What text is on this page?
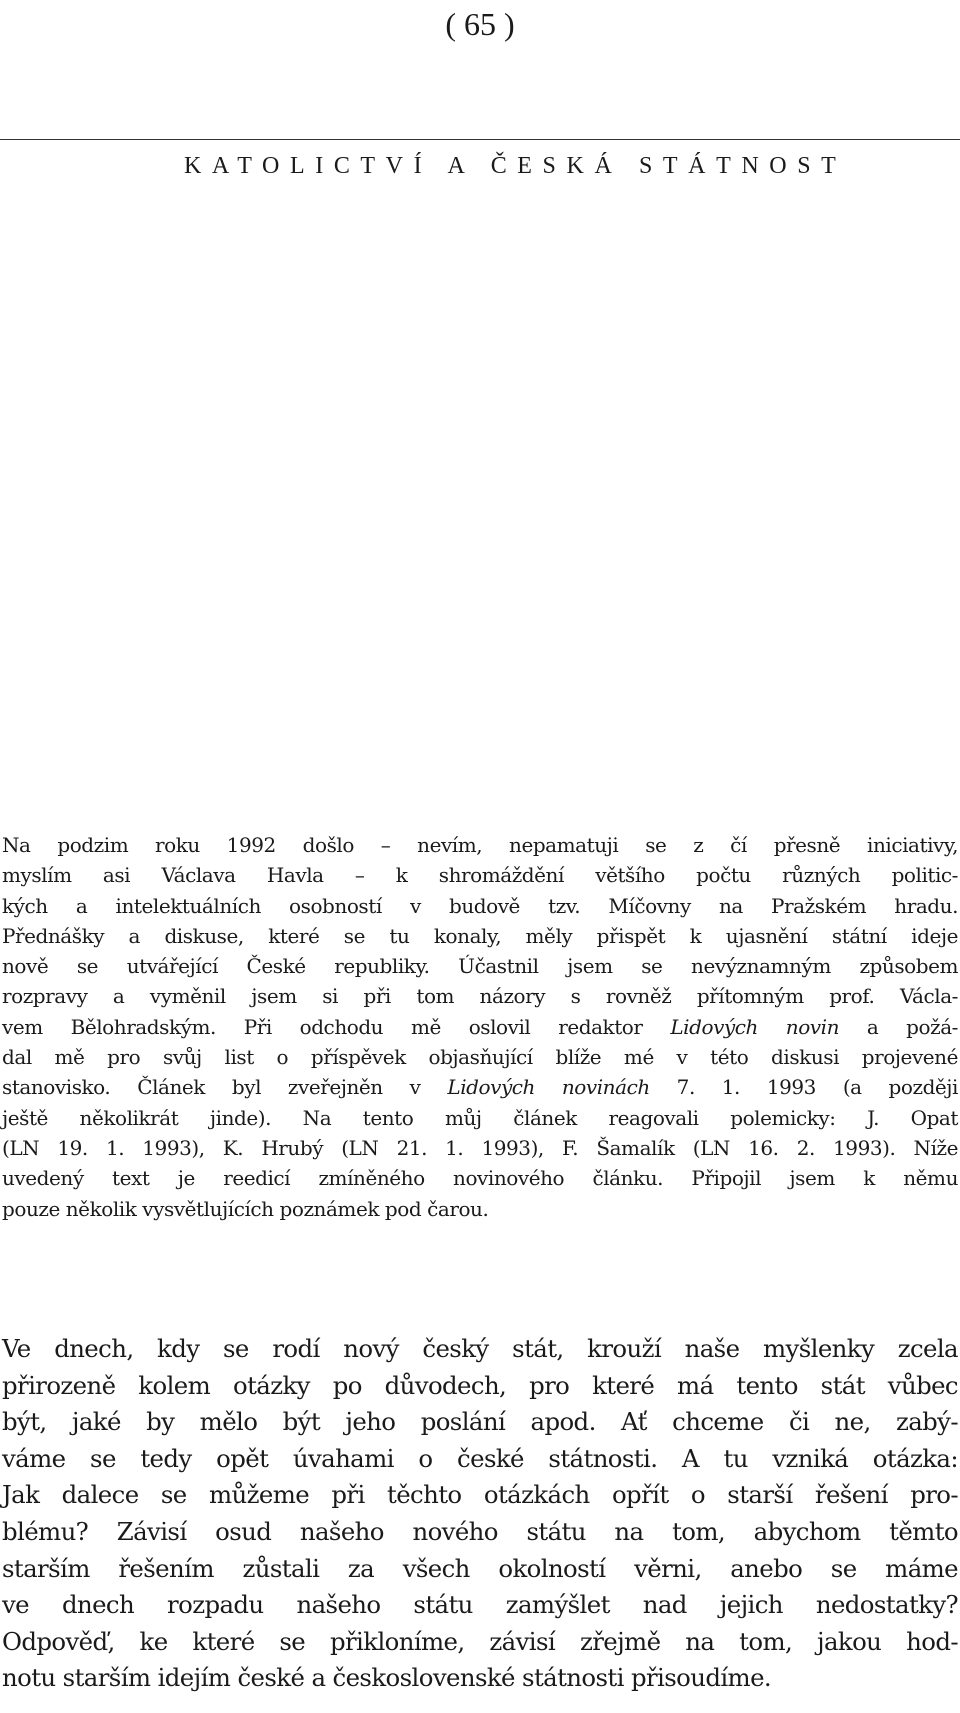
( 65 )
KATOLICTVÍ A ČESKÁ STÁTNOST
Na podzim roku 1992 došlo – nevím, nepamatuji se z čí přesně iniciativy,
myslím asi Václava Havla – k shromáždění většího počtu různých politic-
kých a intelektuálních osobností v budově tzv. Míčovny na Pražském hradu.
Přednášky a diskuse, které se tu konaly, měly přispět k ujasnění státní ideje
nově se utvářející České republiky. Účastnil jsem se nevýznamným způsobem
rozpravy a vyměnil jsem si při tom názory s rovněž přítomným prof. Václa-
vem Bělohradským. Při odchodu mě oslovil redaktor Lidových novin a požá-
dal mě pro svůj list o příspěvek objasňující blíže mé v této diskusi projevené
stanovisko. Článek byl zveřejněn v Lidových novinách 7. 1. 1993 (a později
ještě několikrát jinde). Na tento můj článek reagovali polemicky: J. Opat
(LN 19. 1. 1993), K. Hrubý (LN 21. 1. 1993), F. Šamalík (LN 16. 2. 1993). Níže
uvedený text je reedicí zmíněného novinového článku. Připojil jsem k němu
pouze několik vysvětlujících poznámek pod čarou.
Ve dnech, kdy se rodí nový český stát, krouží naše myšlenky zcela
přirozeně kolem otázky po důvodech, pro které má tento stát vůbec
být, jaké by mělo být jeho poslání apod. Ať chceme či ne, zabý-
váme se tedy opět úvahami o české státnosti. A tu vzniká otázka:
Jak dalece se můžeme při těchto otázkách opřít o starší řešení pro-
blému? Závisí osud našeho nového státu na tom, abychom těmto
starším řešením zůstali za všech okolností věrni, anebo se máme
ve dnech rozpadu našeho státu zamýšlet nad jejich nedostatky?
Odpověď, ke které se přikloníme, závisí zřejmě na tom, jakou hod-
notu starším idejím české a československé státnosti přisoudíme.
